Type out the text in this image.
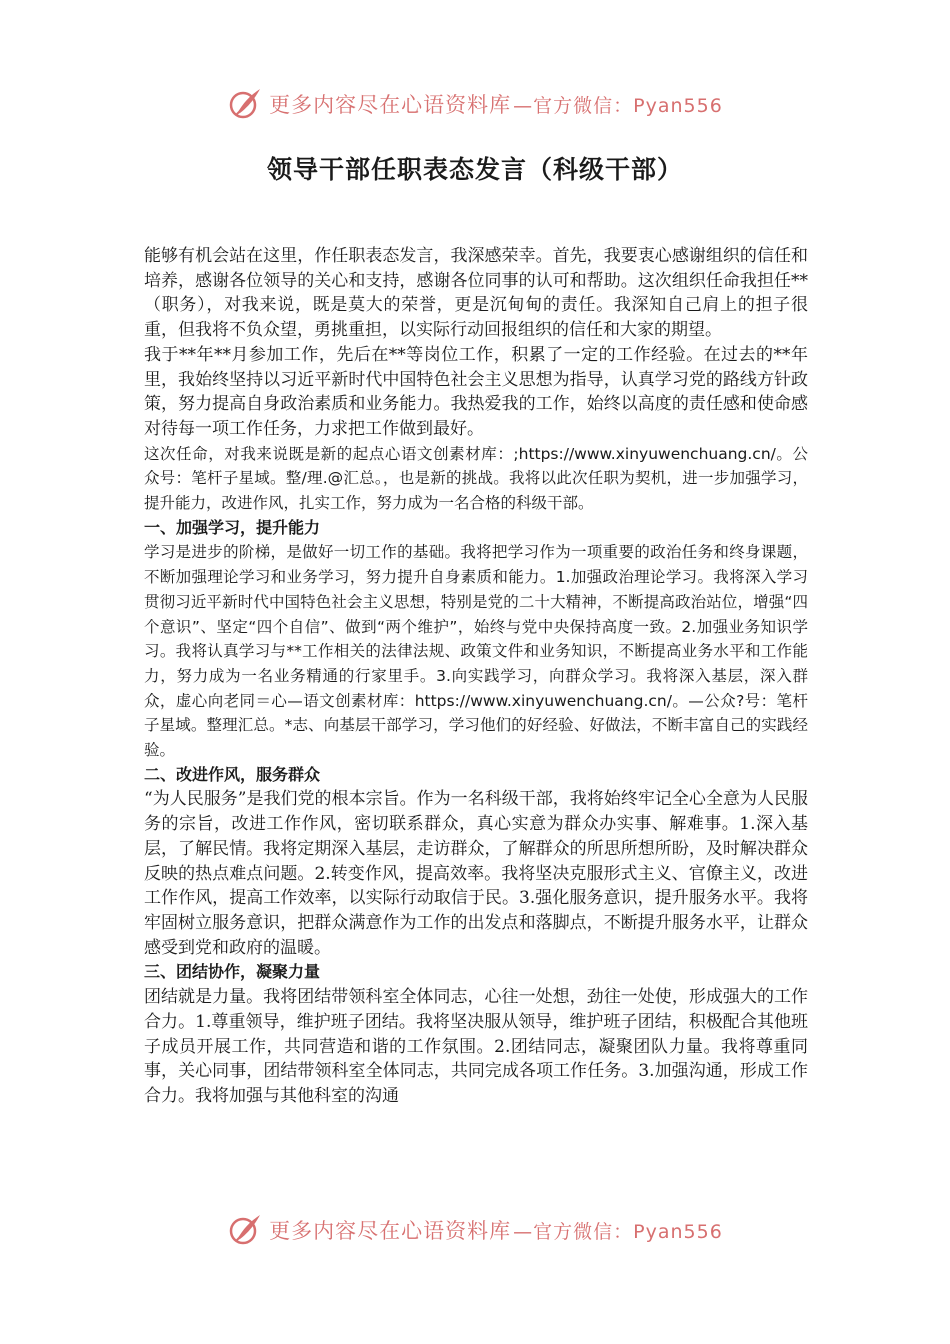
更多内容尽在心语资料库 —官方微信：Pyan556
领导干部任职表态发言（科级干部）

能够有机会站在这里，作任职表态发言，我深感荣幸。首先，我要衷心感谢组织的信任和培养，感谢各位领导的关心和支持，感谢各位同事的认可和帮助。这次组织任命我担任**（职务），对我来说，既是莫大的荣誉，更是沉甸甸的责任。我深知自己肩上的担子很重，但我将不负众望，勇挑重担，以实际行动回报组织的信任和大家的期望。

我于**年**月参加工作，先后在**等岗位工作，积累了一定的工作经验。在过去的**年里，我始终坚持以习近平新时代中国特色社会主义思想为指导，认真学习党的路线方针政策，努力提高自身政治素质和业务能力。我热爱我的工作，始终以高度的责任感和使命感对待每一项工作任务，力求把工作做到最好。

这次任命，对我来说既是新的起点心语文创素材库：;https://www.xinyuwenchuang.cn/。公众号：笔杆子星域。整/理.@汇总。，也是新的挑战。我将以此次任职为契机，进一步加强学习，提升能力，改进作风，扎实工作，努力成为一名合格的科级干部。

一、加强学习，提升能力

学习是进步的阶梯，是做好一切工作的基础。我将把学习作为一项重要的政治任务和终身课题，不断加强理论学习和业务学习，努力提升自身素质和能力。1.加强政治理论学习。我将深入学习贯彻习近平新时代中国特色社会主义思想，特别是党的二十大精神，不断提高政治站位，增强“四个意识”、坚定“四个自信”、做到“两个维护”，始终与党中央保持高度一致。2.加强业务知识学习。我将认真学习与**工作相关的法律法规、政策文件和业务知识，不断提高业务水平和工作能力，努力成为一名业务精通的行家里手。3.向实践学习，向群众学习。我将深入基层，深入群众，虚心向老同＝心—语文创素材库：https://www.xinyuwenchuang.cn/。—公众?号：笔杆子星域。整理汇总。*志、向基层干部学习，学习他们的好经验、好做法，不断丰富自己的实践经验。

二、改进作风，服务群众

“为人民服务”是我们党的根本宗旨。作为一名科级干部，我将始终牢记全心全意为人民服务的宗旨，改进工作作风，密切联系群众，真心实意为群众办实事、解难事。1.深入基层，了解民情。我将定期深入基层，走访群众，了解群众的所思所想所盼，及时解决群众反映的热点难点问题。2.转变作风，提高效率。我将坚决克服形式主义、官僚主义，改进工作作风，提高工作效率，以实际行动取信于民。3.强化服务意识，提升服务水平。我将牢固树立服务意识，把群众满意作为工作的出发点和落脚点，不断提升服务水平，让群众感受到党和政府的温暖。

三、团结协作，凝聚力量

团结就是力量。我将团结带领科室全体同志，心往一处想，劲往一处使，形成强大的工作合力。1.尊重领导，维护班子团结。我将坚决服从领导，维护班子团结，积极配合其他班子成员开展工作，共同营造和谐的工作氛围。2.团结同志，凝聚团队力量。我将尊重同事，关心同事，团结带领科室全体同志，共同完成各项工作任务。3.加强沟通，形成工作合力。我将加强与其他科室的沟通

更多内容尽在心语资料库 —官方微信：Pyan556
